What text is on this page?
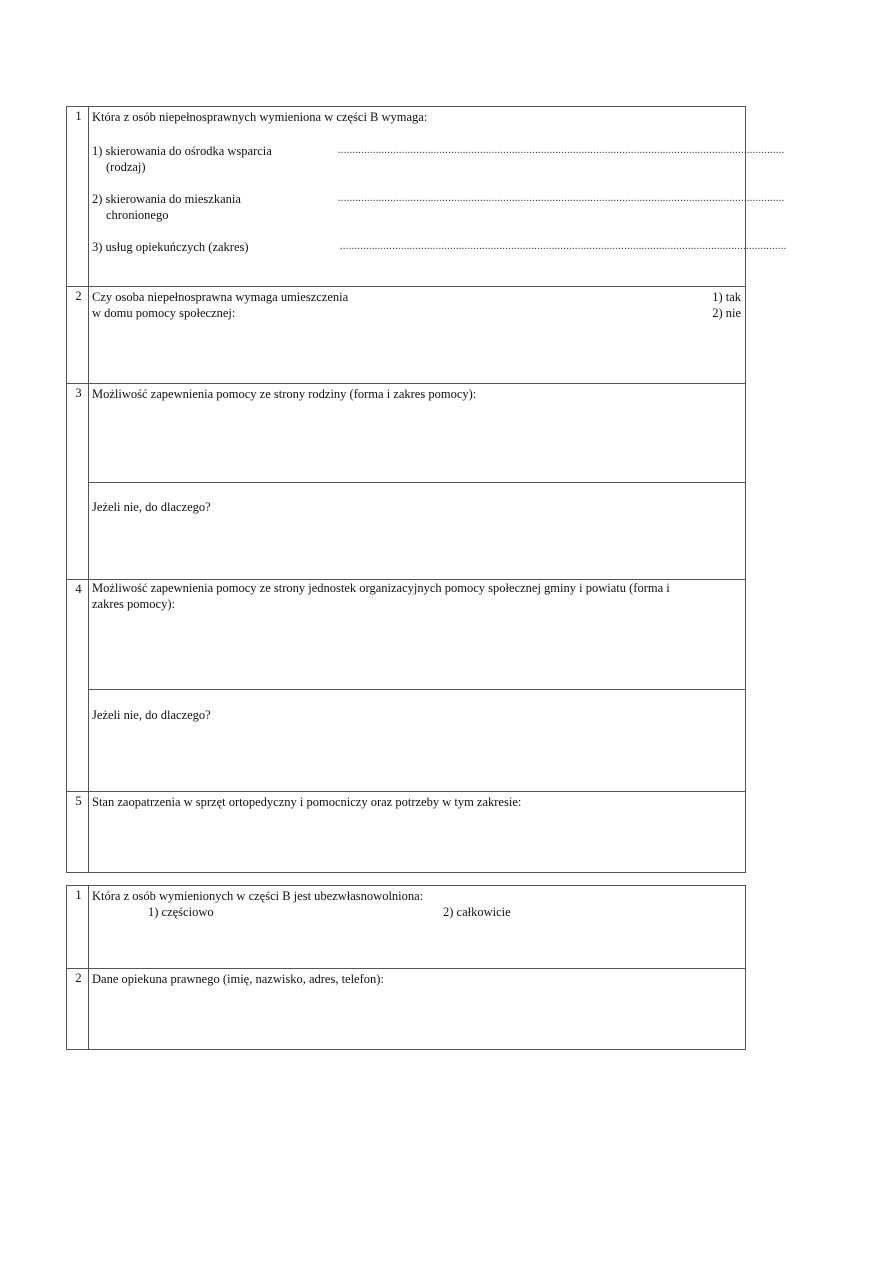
1 Która z osób niepełnosprawnych wymieniona w części B wymaga:
1) skierowania do ośrodka wsparcia
(rodzaj)
..........................................................................................................................................................
2) skierowania do mieszkania
chronionego
..........................................................................................................................................................
3) usług opiekuńczych (zakres)	..........................................................................................................................................................
2 Czy osoba niepełnosprawna wymaga umieszczenia
w domu pomocy społecznej:
1) tak
2) nie
3 Możliwość zapewnienia pomocy ze strony rodziny (forma i zakres pomocy):
Jeżeli nie, do dlaczego?
4 Możliwość zapewnienia pomocy ze strony jednostek organizacyjnych pomocy społecznej gminy i powiatu (forma i
zakres pomocy):
Jeżeli nie, do dlaczego?
5 Stan zaopatrzenia w sprzęt ortopedyczny i pomocniczy oraz potrzeby w tym zakresie:
1 Która z osób wymienionych w części B jest ubezwłasnowolniona:
1) częściowo	2) całkowicie
2 Dane opiekuna prawnego (imię, nazwisko, adres, telefon):
